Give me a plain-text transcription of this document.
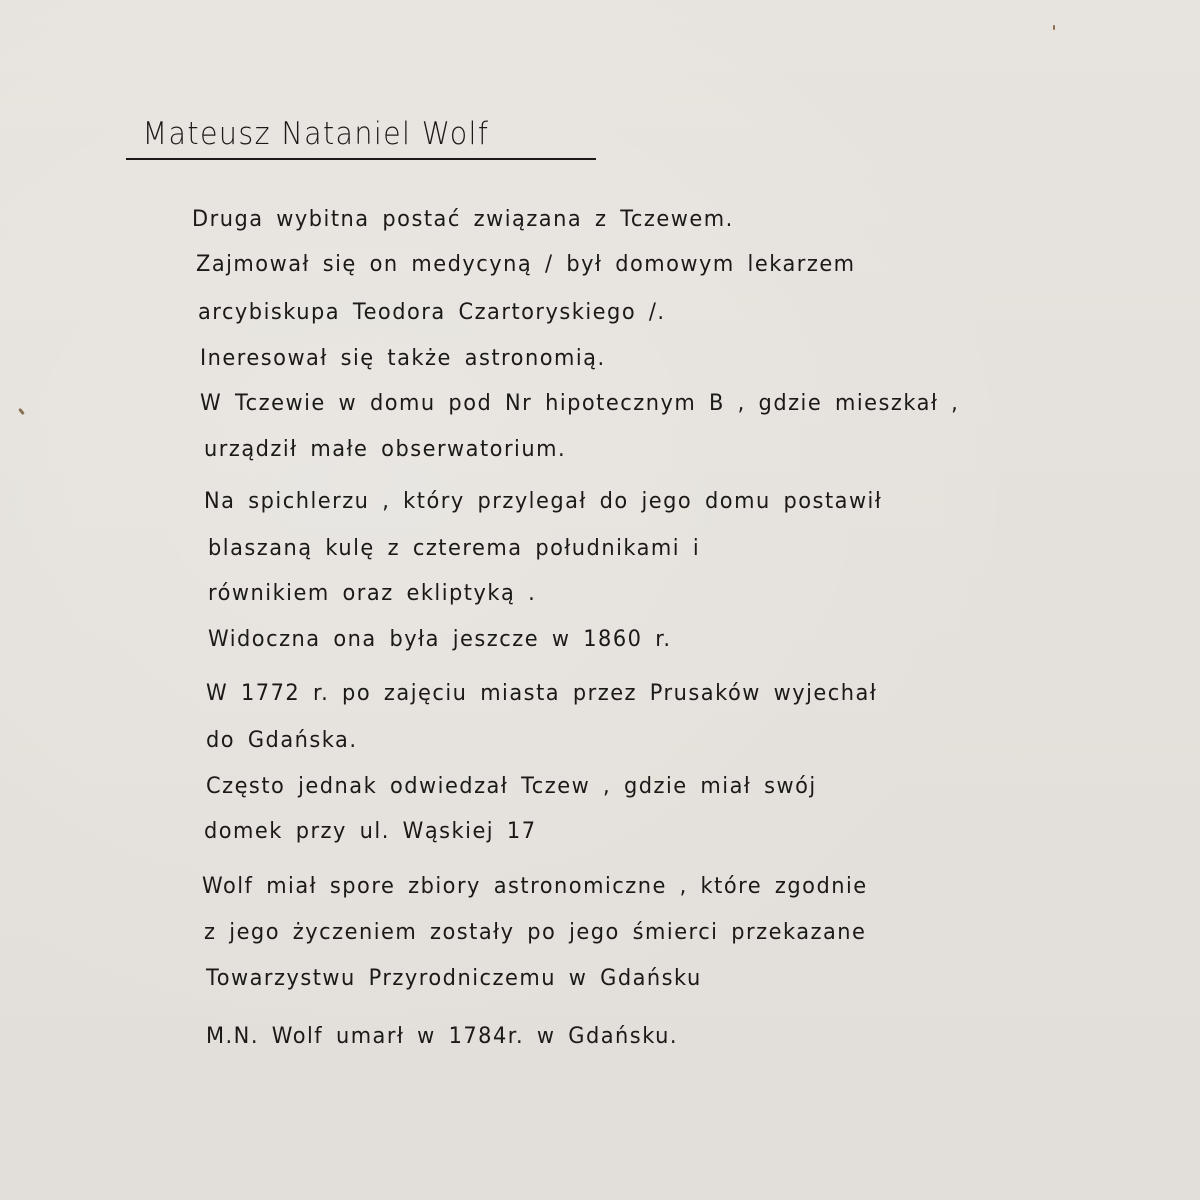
Mateusz Nataniel Wolf
Druga wybitna postać związana z Tczewem.
Zajmował się on medycyną / był domowym lekarzem
arcybiskupa Teodora Czartoryskiego /.
Ineresował się także astronomią.
W Tczewie w domu pod Nr hipotecznym B , gdzie mieszkał ,
urządził małe obserwatorium.
Na spichlerzu , który przylegał do jego domu postawił
blaszaną kulę z czterema południkami i
równikiem oraz ekliptyką .
Widoczna ona była jeszcze w 1860 r.
W 1772 r. po zajęciu miasta przez Prusaków wyjechał
do Gdańska.
Często jednak odwiedzał Tczew , gdzie miał swój
domek przy ul. Wąskiej 17
Wolf miał spore zbiory astronomiczne , które zgodnie
z jego życzeniem zostały po jego śmierci przekazane
Towarzystwu Przyrodniczemu w Gdańsku
M.N. Wolf umarł w 1784r. w Gdańsku.
